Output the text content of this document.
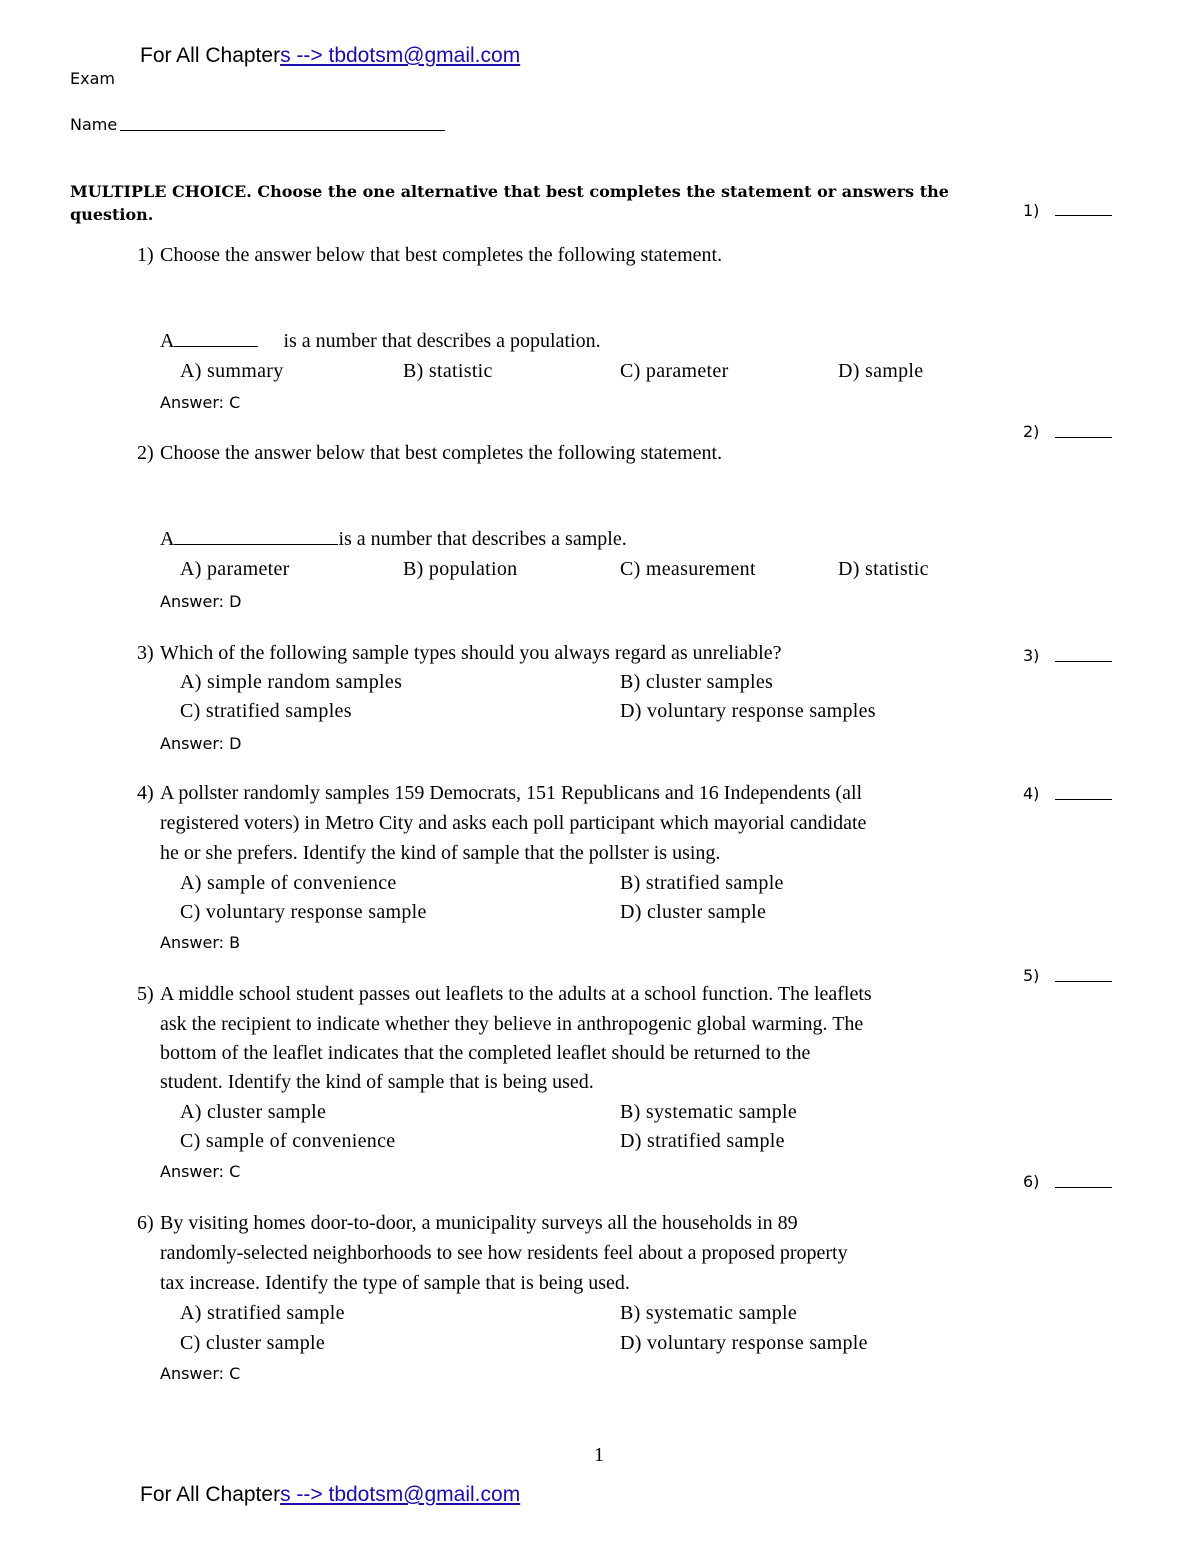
For All Chapters --> tbdotsm@gmail.com
Exam
Name
MULTIPLE CHOICE. Choose the one alternative that best completes the statement or answers the question.	1)
2)
3)
4)
5)
6)
1) Choose the answer below that best completes the following statement.
A	is a number that describes a population.
A) summary	B) statistic	C) parameter	D) sample
Answer: C
2) Choose the answer below that best completes the following statement.
A	is a number that describes a sample.
A) parameter	B) population	C) measurement	D) statistic
Answer: D
3) Which of the following sample types should you always regard as unreliable?
A) simple random samples	B) cluster samples
C) stratified samples	D) voluntary response samples
Answer: D
4) A pollster randomly samples 159 Democrats, 151 Republicans and 16 Independents (all
registered voters) in Metro City and asks each poll participant which mayorial candidate
he or she prefers. Identify the kind of sample that the pollster is using.
A) sample of convenience	B) stratified sample
C) voluntary response sample	D) cluster sample
Answer: B
5) A middle school student passes out leaflets to the adults at a school function. The leaflets
ask the recipient to indicate whether they believe in anthropogenic global warming. The
bottom of the leaflet indicates that the completed leaflet should be returned to the
student. Identify the kind of sample that is being used.
A) cluster sample	B) systematic sample
C) sample of convenience	D) stratified sample
Answer: C
6) By visiting homes door-to-door, a municipality surveys all the households in 89
randomly-selected neighborhoods to see how residents feel about a proposed property
tax increase. Identify the type of sample that is being used.
A) stratified sample	B) systematic sample
C) cluster sample	D) voluntary response sample
Answer: C
1
For All Chapters --> tbdotsm@gmail.com
